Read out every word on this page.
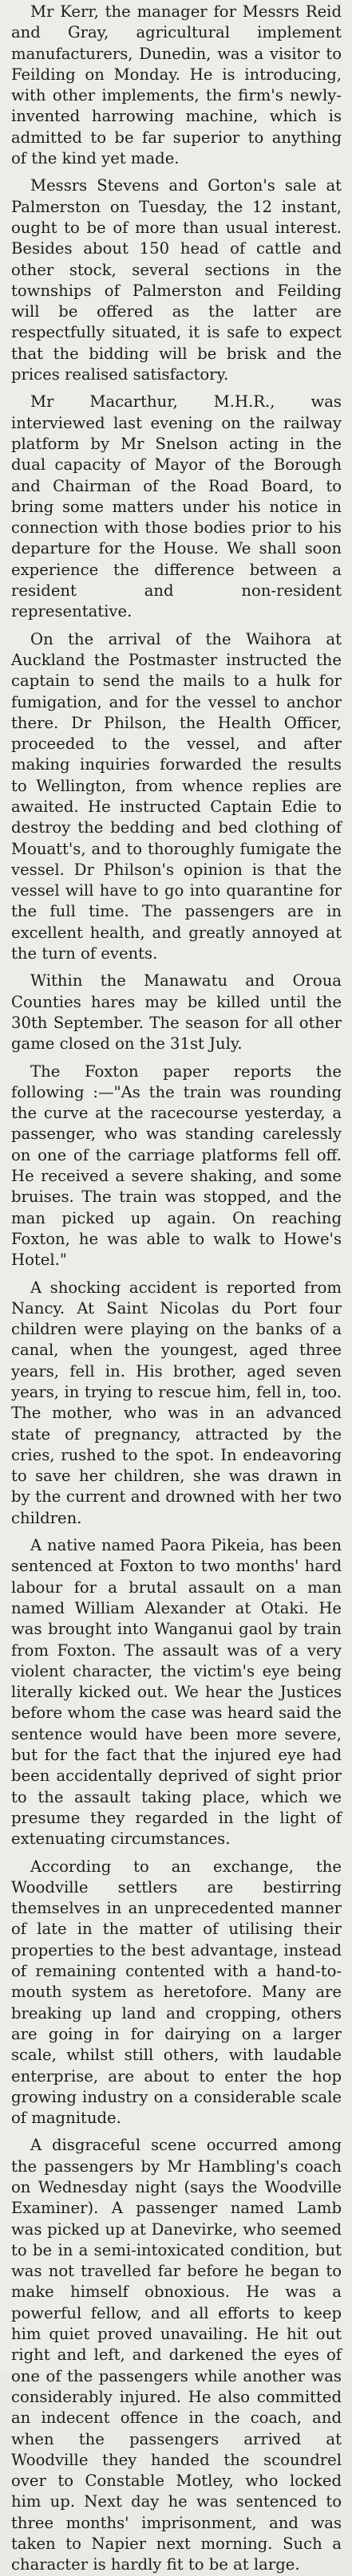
Mr Kerr, the manager for Messrs Reid and Gray, agricultural implement manufacturers, Dunedin, was a visitor to Feilding on Monday. He is introducing, with other implements, the firm's newly-invented harrowing machine, which is admitted to be far superior to anything of the kind yet made.

Messrs Stevens and Gorton's sale at Palmerston on Tuesday, the 12 instant, ought to be of more than usual interest. Besides about 150 head of cattle and other stock, several sections in the townships of Palmerston and Feilding will be offered as the latter are respectfully situated, it is safe to expect that the bidding will be brisk and the prices realised satisfactory.

Mr Macarthur, M.H.R., was interviewed last evening on the railway platform by Mr Snelson acting in the dual capacity of Mayor of the Borough and Chairman of the Road Board, to bring some matters under his notice in connection with those bodies prior to his departure for the House. We shall soon experience the difference between a resident and non-resident representative.

On the arrival of the Waihora at Auckland the Postmaster instructed the captain to send the mails to a hulk for fumigation, and for the vessel to anchor there. Dr Philson, the Health Officer, proceeded to the vessel, and after making inquiries forwarded the results to Wellington, from whence replies are awaited. He instructed Captain Edie to destroy the bedding and bed clothing of Mouatt's, and to thoroughly fumigate the vessel. Dr Philson's opinion is that the vessel will have to go into quarantine for the full time. The passengers are in excellent health, and greatly annoyed at the turn of events.

Within the Manawatu and Oroua Counties hares may be killed until the 30th September. The season for all other game closed on the 31st July.

The Foxton paper reports the following :—"As the train was rounding the curve at the racecourse yesterday, a passenger, who was standing carelessly on one of the carriage platforms fell off. He received a severe shaking, and some bruises. The train was stopped, and the man picked up again. On reaching Foxton, he was able to walk to Howe's Hotel."

A shocking accident is reported from Nancy. At Saint Nicolas du Port four children were playing on the banks of a canal, when the youngest, aged three years, fell in. His brother, aged seven years, in trying to rescue him, fell in, too. The mother, who was in an advanced state of pregnancy, attracted by the cries, rushed to the spot. In endeavoring to save her children, she was drawn in by the current and drowned with her two children.

A native named Paora Pikeia, has been sentenced at Foxton to two months' hard labour for a brutal assault on a man named William Alexander at Otaki. He was brought into Wanganui gaol by train from Foxton. The assault was of a very violent character, the victim's eye being literally kicked out. We hear the Justices before whom the case was heard said the sentence would have been more severe, but for the fact that the injured eye had been accidentally deprived of sight prior to the assault taking place, which we presume they regarded in the light of extenuating circumstances.

According to an exchange, the Woodville settlers are bestirring themselves in an unprecedented manner of late in the matter of utilising their properties to the best advantage, instead of remaining contented with a hand-to-mouth system as heretofore. Many are breaking up land and cropping, others are going in for dairying on a larger scale, whilst still others, with laudable enterprise, are about to enter the hop growing industry on a considerable scale of magnitude.

A disgraceful scene occurred among the passengers by Mr Hambling's coach on Wednesday night (says the Woodville Examiner). A passenger named Lamb was picked up at Danevirke, who seemed to be in a semi-intoxicated condition, but was not travelled far before he began to make himself obnoxious. He was a powerful fellow, and all efforts to keep him quiet proved unavailing. He hit out right and left, and darkened the eyes of one of the passengers while another was considerably injured. He also committed an indecent offence in the coach, and when the passengers arrived at Woodville they handed the scoundrel over to Constable Motley, who locked him up. Next day he was sentenced to three months' imprisonment, and was taken to Napier next morning. Such a character is hardly fit to be at large.
